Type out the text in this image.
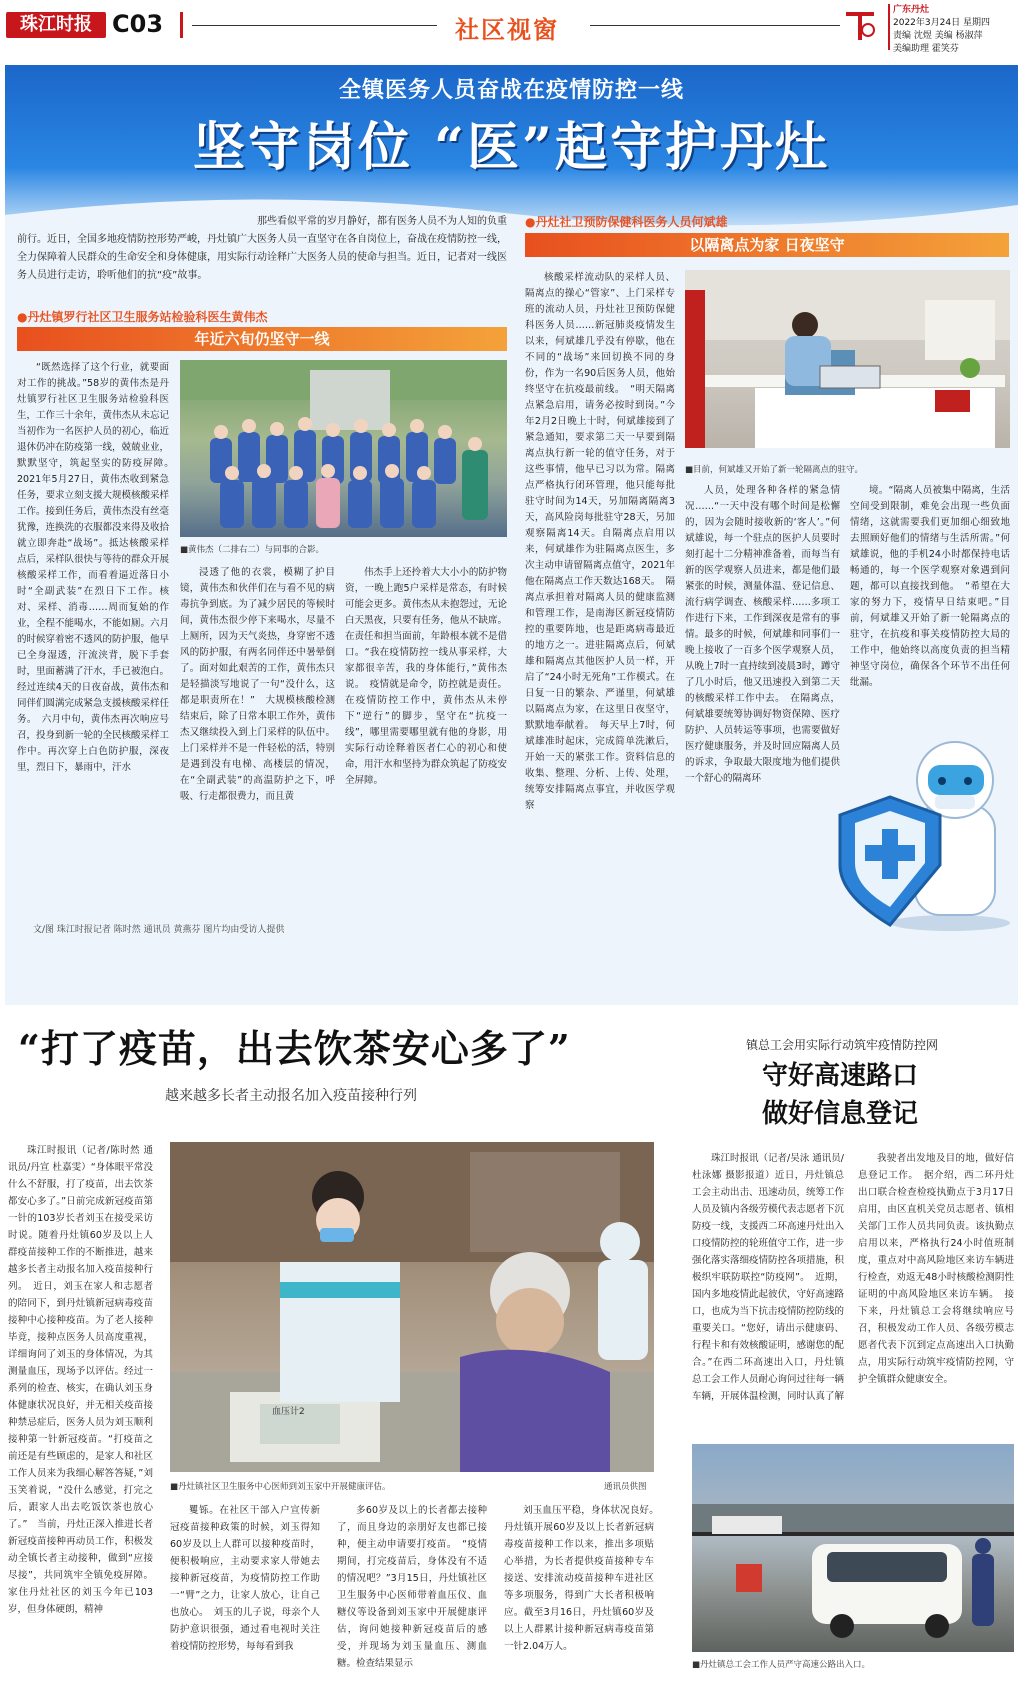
珠江时报 C03	社区视窗
广东丹灶
2022年3月24日 星期四
责编 沈煜 美编 杨淑萍
美编助理 霍笑芬
全镇医务人员奋战在疫情防控一线
坚守岗位 “医”起守护丹灶
那些看似平常的岁月静好，都有医务人员不为人知的负重前行。近日，全国多地疫情防控形势严峻，丹灶镇广大医务人员一直坚守在各自岗位上，奋战在疫情防控一线，全力保障着人民群众的生命安全和身体健康，用实际行动诠释广大医务人员的使命与担当。近日，记者对一线医务人员进行走访，聆听他们的抗“疫”故事。
●丹灶镇罗行社区卫生服务站检验科医生黄伟杰
年近六旬仍坚守一线

“既然选择了这个行业，就要面对工作的挑战。”58岁的黄伟杰是丹灶镇罗行社区卫生服务站检验科医生，工作三十余年，黄伟杰从未忘记当初作为一名医护人员的初心，临近退休仍冲在防疫第一线，兢兢业业，默默坚守，筑起坚实的防疫屏障。　2021年5月27日，黄伟杰收到紧急任务，要求立刻支援大规模核酸采样工作。接到任务后，黄伟杰没有丝毫犹豫，连换洗的衣服都没来得及收拾就立即奔赴“战场”。抵达核酸采样点后，采样队很快与等待的群众开展核酸采样工作，而看着逼近落日小时“全副武装”在烈日下工作。核对、采样、消毒……周而复始的作业，全程不能喝水，不能如厕。六月的时候穿着密不透风的防护服，他早已全身湿透，汗流浃背，脱下手套时，里面蓄满了汗水，手已被泡白。经过连续4天的日夜奋战，黄伟杰和同伴们圆满完成紧急支援核酸采样任务。　六月中旬，黄伟杰再次响应号召，投身到新一轮的全民核酸采样工作中。再次穿上白色防护服，深夜里，烈日下，暴雨中，汗水

■黄伟杰（二排右二）与同事的合影。

浸透了他的衣裳，模糊了护目镜，黄伟杰和伙伴们在与看不见的病毒抗争到底。为了减少居民的等候时间，黄伟杰很少停下来喝水，尽量不上厕所，因为天气炎热，身穿密不透风的防护服，有两名同伴还中暑晕倒了。面对如此艰苦的工作，黄伟杰只是轻描淡写地说了一句“没什么，这都是职责所在！”　大规模核酸检测结束后，除了日常本职工作外，黄伟杰又继续投入到上门采样的队伍中。上门采样并不是一件轻松的活，特别是遇到没有电梯、高楼层的情况，在“全副武装”的高温防护之下，呼吸、行走都很费力，而且黄

伟杰手上还拎着大大小小的防护物资，一晚上跑5户采样是常态，有时候可能会更多。黄伟杰从未抱怨过，无论白天黑夜，只要有任务，他从不缺席。在责任和担当面前，年龄根本就不是借口。“我在疫情防控一线从事采样，大家都很辛苦，我的身体能行，”黄伟杰说。　疫情就是命令，防控就是责任。在疫情防控工作中，黄伟杰从未停下“逆行”的脚步，坚守在“抗疫一线”，哪里需要哪里就有他的身影，用实际行动诠释着医者仁心的初心和使命，用汗水和坚持为群众筑起了防疫安全屏障。

●丹灶社卫预防保健科医务人员何斌雄
以隔离点为家 日夜坚守

核酸采样流动队的采样人员、隔离点的操心“管家”、上门采样专班的流动人员，丹灶社卫预防保健科医务人员……新冠肺炎疫情发生以来，何斌雄几乎没有停歇，他在不同的“战场”来回切换不同的身份，作为一名90后医务人员，他始终坚守在抗疫最前线。　“明天隔离点紧急启用，请务必按时到岗。”今年2月2日晚上十时，何斌雄接到了紧急通知，要求第二天一早要到隔离点执行新一轮的值守任务，对于这些事情，他早已习以为常。隔离点严格执行闭环管理，他只能每批驻守时间为14天，另加隔离隔离3天，高风险岗每批驻守28天，另加观察隔离14天。自隔离点启用以来，何斌雄作为驻隔离点医生，多次主动申请留隔离点值守，2021年他在隔离点工作天数达168天。　隔离点承担着对隔离人员的健康监测和管理工作，是南海区新冠疫情防控的重要阵地，也是距离病毒最近的地方之一。进驻隔离点后，何斌雄和隔离点其他医护人员一样，开启了“24小时无死角”工作模式。在日复一日的繁杂、严谨里，何斌雄以隔离点为家，在这里日夜坚守，默默地奉献着。　每天早上7时，何斌雄准时起床，完成简单洗漱后，开始一天的紧张工作。资料信息的收集、整理、分析、上传、处理，统筹安排隔离点事宜，并收医学观察

■目前，何斌雄又开始了新一轮隔离点的驻守。

人员，处理各种各样的紧急情况……“一天中没有哪个时间是松懈的，因为会随时接收新的‘客人’。”何斌雄说，每一个驻点的医护人员要时刻打起十二分精神准备着，而每当有新的医学观察人员进来，都是他们最紧张的时候，测量体温、登记信息、流行病学调查、核酸采样……多项工作进行下来，工作到深夜是常有的事情。最多的时候，何斌雄和同事们一晚上接收了一百多个医学观察人员，从晚上7时一直持续到凌晨3时，蹲守了几小时后，他又迅速投入到第二天的核酸采样工作中去。　在隔离点，何斌雄要统筹协调好物资保障、医疗防护、人员转运等事项，也需要做好医疗健康服务，并及时回应隔离人员的诉求，争取最大限度地为他们提供一个舒心的隔离环

境。“隔离人员被集中隔离，生活空间受到限制，难免会出现一些负面情绪，这就需要我们更加细心细致地去照顾好他们的情绪与生活所需。”何斌雄说，他的手机24小时都保持电话畅通的，每一个医学观察对象遇到问题，都可以直接找到他。　“希望在大家的努力下，疫情早日结束吧。”目前，何斌雄又开始了新一轮隔离点的驻守，在抗疫和事关疫情防控大局的工作中，他始终以高度负责的担当精神坚守岗位，确保各个环节不出任何纰漏。

文/图 珠江时报记者 陈时然 通讯员 黄燕芬 图片均由受访人提供
“打了疫苗，出去饮茶安心多了”
越来越多长者主动报名加入疫苗接种行列

珠江时报讯（记者/陈时然 通讯员/丹宣 杜嘉雯）“身体眼平常没什么不舒服，打了疫苗，出去饮茶都安心多了。”日前完成新冠疫苗第一针的103岁长者刘玉在接受采访时说。随着丹灶镇60岁及以上人群疫苗接种工作的不断推进，越来越多长者主动报名加入疫苗接种行列。　近日，刘玉在家人和志愿者的陪同下，到丹灶镇新冠病毒疫苗接种中心接种疫苗。为了老人接种毕竟，接种点医务人员高度重视，详细询问了刘玉的身体情况，为其测量血压，现场予以评估。经过一系列的检查、核实，在确认刘玉身体健康状况良好，并无相关疫苗接种禁忌症后，医务人员为刘玉顺利接种第一针新冠疫苗。“打疫苗之前还是有些顾虑的，是家人和社区工作人员来为我细心解答答疑，”刘玉笑着说，“没什么感觉，打完之后，跟家人出去吃饭饮茶也放心了。”　当前，丹灶正深入推进长者新冠疫苗接种再动员工作，积极发动全镇长者主动接种，做到“应接尽接”，共同筑牢全镇免疫屏障。家住丹灶社区的刘玉今年已103岁，但身体硬朗，精神

血压计2
■丹灶镇社区卫生服务中心医师到刘玉家中开展健康评估。	通讯员供图

矍铄。在社区干部入户宣传新冠疫苗接种政策的时候，刘玉得知60岁及以上人群可以接种疫苗时，便积极响应，主动要求家人带她去接种新冠疫苗，为疫情防控工作助一“臂”之力，让家人放心，让自己也放心。　刘玉的儿子说，母亲个人防护意识很强，通过看电视时关注着疫情防控形势，每每看到我

多60岁及以上的长者都去接种了，而且身边的亲朋好友也都已接种，便主动申请要打疫苗。　“疫情期间，打完疫苗后，身体没有不适的情况吧？”3月15日，丹灶镇社区卫生服务中心医师带着血压仪、血糖仪等设备到刘玉家中开展健康评估，询问她接种新冠疫苗后的感受，并现场为刘玉量血压、测血糖。检查结果显示

刘玉血压平稳，身体状况良好。　丹灶镇开展60岁及以上长者新冠病毒疫苗接种工作以来，推出多项贴心举措，为长者提供疫苗接种专车接送、安排流动疫苗接种车进社区等多项服务，得到广大长者积极响应。截至3月16日，丹灶镇60岁及以上人群累计接种新冠病毒疫苗第一针2.04万人。

镇总工会用实际行动筑牢疫情防控网
守好高速路口
做好信息登记

珠江时报讯（记者/吴泳 通讯员/杜泳娜 摄影报道）近日，丹灶镇总工会主动出击、迅速动员，统筹工作人员及镇内各级劳模代表志愿者下沉防疫一线，支援西二环高速丹灶出入口疫情防控的轮班值守工作，进一步强化落实落细疫情防控各项措施，积极织牢联防联控“防疫网”。　近期，国内多地疫情此起彼伏，守好高速路口，也成为当下抗击疫情防控防线的重要关口。“您好，请出示健康码、行程卡和有效核酸证明，感谢您的配合。”在西二环高速出入口，丹灶镇总工会工作人员耐心询问过往每一辆车辆，开展体温检测，同时认真了解

我驶者出发地及目的地，做好信息登记工作。　据介绍，西二环丹灶出口联合检查检疫执勤点于3月17日启用，由区直机关党员志愿者、镇相关部门工作人员共同负责。该执勤点启用以来，严格执行24小时值班制度，重点对中高风险地区来访车辆进行检查，劝返无48小时核酸检测阴性证明的中高风险地区来访车辆。　接下来，丹灶镇总工会将继续响应号召，积极发动工作人员、各级劳模志愿者代表下沉到定点高速出入口执勤点，用实际行动筑牢疫情防控网，守护全镇群众健康安全。

■丹灶镇总工会工作人员严守高速公路出入口。
